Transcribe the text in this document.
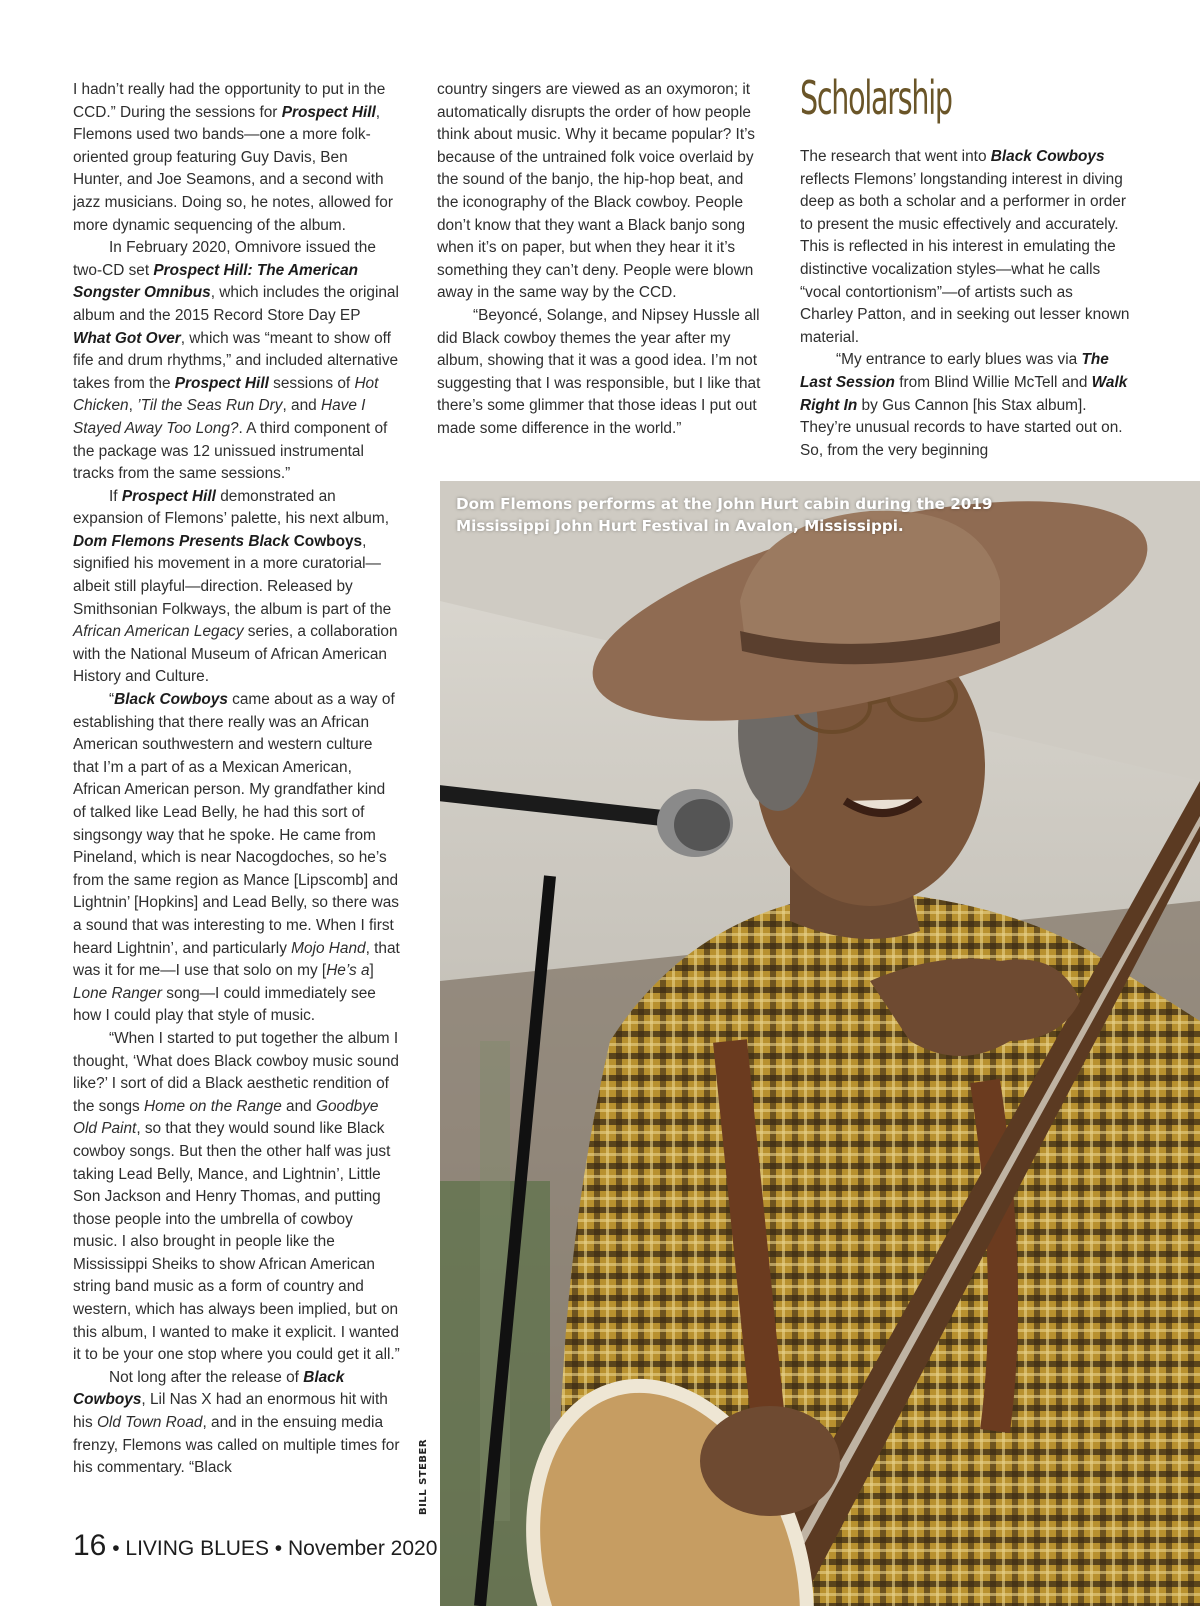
I hadn’t really had the opportunity to put in the CCD.” During the sessions for Prospect Hill, Flemons used two bands—one a more folk-oriented group featuring Guy Davis, Ben Hunter, and Joe Seamons, and a second with jazz musicians. Doing so, he notes, allowed for more dynamic sequencing of the album.

In February 2020, Omnivore issued the two-CD set Prospect Hill: The American Songster Omnibus, which includes the original album and the 2015 Record Store Day EP What Got Over, which was “meant to show off fife and drum rhythms,” and included alternative takes from the Prospect Hill sessions of Hot Chicken, ’Til the Seas Run Dry, and Have I Stayed Away Too Long?. A third component of the package was 12 unissued instrumental tracks from the same sessions.”

If Prospect Hill demonstrated an expansion of Flemons’ palette, his next album, Dom Flemons Presents Black Cowboys, signified his movement in a more curatorial—albeit still playful—direction. Released by Smithsonian Folkways, the album is part of the African American Legacy series, a collaboration with the National Museum of African American History and Culture.

“Black Cowboys came about as a way of establishing that there really was an African American southwestern and western culture that I’m a part of as a Mexican American, African American person. My grandfather kind of talked like Lead Belly, he had this sort of singsongy way that he spoke. He came from Pineland, which is near Nacogdoches, so he’s from the same region as Mance [Lipscomb] and Lightnin’ [Hopkins] and Lead Belly, so there was a sound that was interesting to me. When I first heard Lightnin’, and particularly Mojo Hand, that was it for me—I use that solo on my [He’s a] Lone Ranger song—I could immediately see how I could play that style of music.

“When I started to put together the album I thought, ‘What does Black cowboy music sound like?’ I sort of did a Black aesthetic rendition of the songs Home on the Range and Goodbye Old Paint, so that they would sound like Black cowboy songs. But then the other half was just taking Lead Belly, Mance, and Lightnin’, Little Son Jackson and Henry Thomas, and putting those people into the umbrella of cowboy music. I also brought in people like the Mississippi Sheiks to show African American string band music as a form of country and western, which has always been implied, but on this album, I wanted to make it explicit. I wanted it to be your one stop where you could get it all.”

Not long after the release of Black Cowboys, Lil Nas X had an enormous hit with his Old Town Road, and in the ensuing media frenzy, Flemons was called on multiple times for his commentary. “Black

country singers are viewed as an oxymoron; it automatically disrupts the order of how people think about music. Why it became popular? It’s because of the untrained folk voice overlaid by the sound of the banjo, the hip-hop beat, and the iconography of the Black cowboy. People don’t know that they want a Black banjo song when it’s on paper, but when they hear it it’s something they can’t deny. People were blown away in the same way by the CCD.

“Beyoncé, Solange, and Nipsey Hussle all did Black cowboy themes the year after my album, showing that it was a good idea. I’m not suggesting that I was responsible, but I like that there’s some glimmer that those ideas I put out made some difference in the world.”

Scholarship

The research that went into Black Cowboys reflects Flemons’ longstanding interest in diving deep as both a scholar and a performer in order to present the music effectively and accurately. This is reflected in his interest in emulating the distinctive vocalization styles—what he calls “vocal contortionism”—of artists such as Charley Patton, and in seeking out lesser known material.

“My entrance to early blues was via The Last Session from Blind Willie McTell and Walk Right In by Gus Cannon [his Stax album]. They’re unusual records to have started out on. So, from the very beginning

Dom Flemons performs at the John Hurt cabin during the 2019 Mississippi John Hurt Festival in Avalon, Mississippi.
BILL STEBER
16 • LIVING BLUES • November 2020
